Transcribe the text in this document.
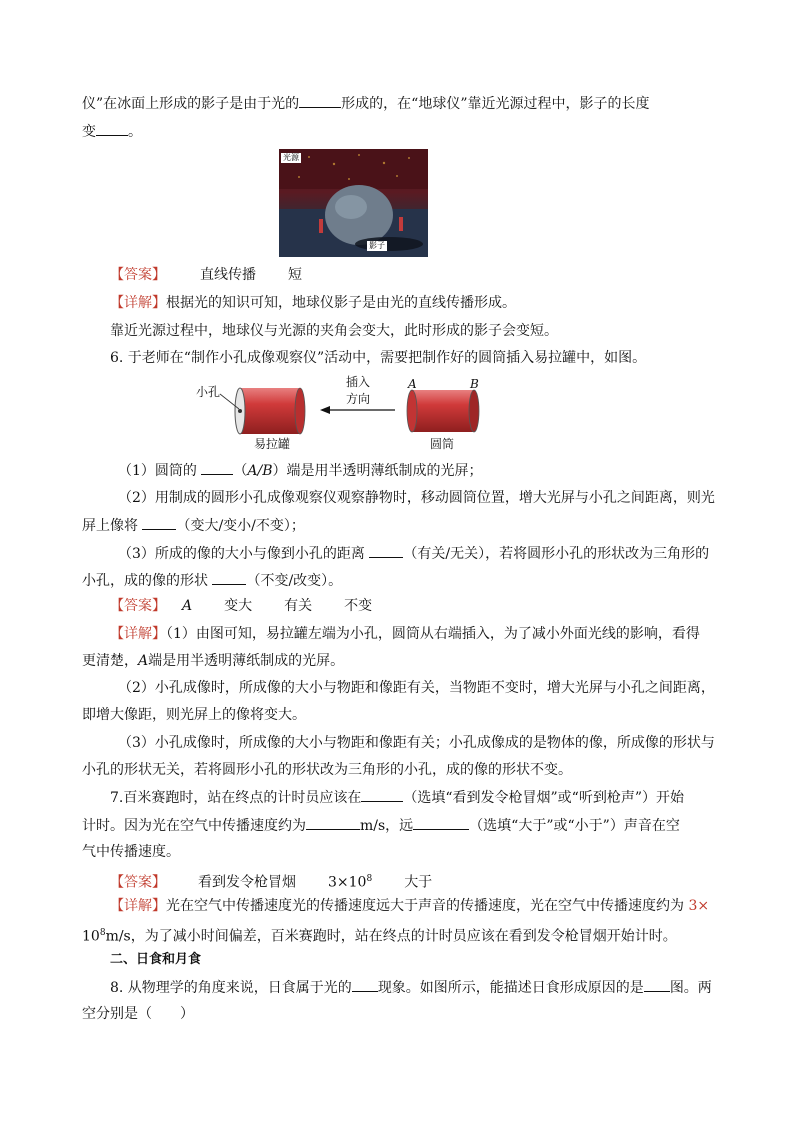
仪”在冰面上形成的影子是由于光的	形成的，在“地球仪”靠近光源过程中，影子的长度
变 。
光源
影子
【答案】 直线传播 短
【详解】根据光的知识可知，地球仪影子是由光的直线传播形成。
靠近光源过程中，地球仪与光源的夹角会变大，此时形成的影子会变短。
6. 于老师在“制作小孔成像观察仪”活动中，需要把制作好的圆筒插入易拉罐中，如图。
小孔
易拉罐
插入
方向
A	B
圆筒
（1）圆筒的	（A/B）端是用半透明薄纸制成的光屏；
（2）用制成的圆形小孔成像观察仪观察静物时，移动圆筒位置，增大光屏与小孔之间距离，则光
屏上像将	（变大/变小/不变）；
（3）所成的像的大小与像到小孔的距离	（有关/无关），若将圆形小孔的形状改为三角形的
小孔，成的像的形状	（不变/改变）。
【答案】 A 变大 有关 不变
【详解】（1）由图可知，易拉罐左端为小孔，圆筒从右端插入，为了减小外面光线的影响，看得
更清楚，A端是用半透明薄纸制成的光屏。
（2）小孔成像时，所成像的大小与物距和像距有关，当物距不变时，增大光屏与小孔之间距离，
即增大像距，则光屏上的像将变大。
（3）小孔成像时，所成像的大小与物距和像距有关；小孔成像成的是物体的像，所成像的形状与
小孔的形状无关，若将圆形小孔的形状改为三角形的小孔，成的像的形状不变。
7.百米赛跑时，站在终点的计时员应该在	（选填“看到发令枪冒烟”或“听到枪声”）开始
计时。因为光在空气中传播速度约为	m/s，远	（选填“大于”或“小于”）声音在空
气中传播速度。
【答案】 看到发令枪冒烟 $3\times 10^8$ 大于
【详解】光在空气中传播速度光的传播速度远大于声音的传播速度，光在空气中传播速度约为 3×
$10^8m/s$，为了减小时间偏差，百米赛跑时，站在终点的计时员应该在看到发令枪冒烟开始计时。
二、日食和月食
8. 从物理学的角度来说，日食属于光的 现象。如图所示，能描述日食形成原因的是 图。两
空分别是（　　）
